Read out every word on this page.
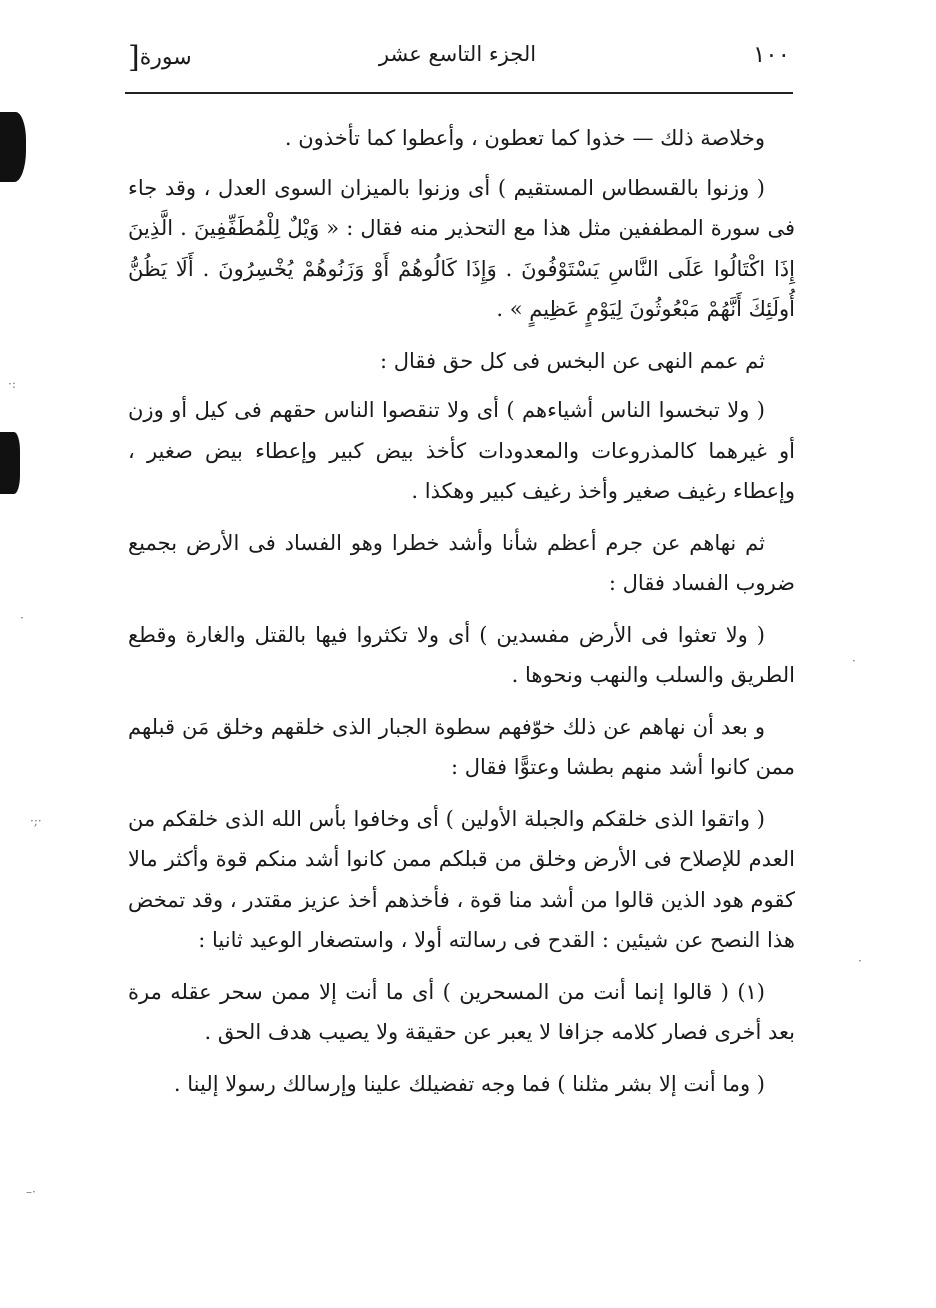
·:
·
·;·
–·
·
·
١٠٠
الجزء التاسع عشر
سورة[

وخلاصة ذلك — خذوا كما تعطون ، وأعطوا كما تأخذون .

( وزنوا بالقسطاس المستقيم ) أى وزنوا بالميزان السوى العدل ، وقد جاء فى سورة المطففين مثل هذا مع التحذير منه فقال : « وَيْلٌ لِلْمُطَفِّفِينَ . الَّذِينَ إِذَا اكْتَالُوا عَلَى النَّاسِ يَسْتَوْفُونَ . وَإِذَا كَالُوهُمْ أَوْ وَزَنُوهُمْ يُخْسِرُونَ . أَلَا يَظُنُّ أُولَئِكَ أَنَّهُمْ مَبْعُوثُونَ لِيَوْمٍ عَظِيمٍ » .

ثم عمم النهى عن البخس فى كل حق فقال :

( ولا تبخسوا الناس أشياءهم ) أى ولا تنقصوا الناس حقهم فى كيل أو وزن أو غيرهما كالمذروعات والمعدودات كأخذ بيض كبير وإعطاء بيض صغير ، وإعطاء رغيف صغير وأخذ رغيف كبير وهكذا .

ثم نهاهم عن جرم أعظم شأنا وأشد خطرا وهو الفساد فى الأرض بجميع ضروب الفساد فقال :

( ولا تعثوا فى الأرض مفسدين ) أى ولا تكثروا فيها بالقتل والغارة وقطع الطريق والسلب والنهب ونحوها .

و بعد أن نهاهم عن ذلك خوّفهم سطوة الجبار الذى خلقهم وخلق مَن قبلهم ممن كانوا أشد منهم بطشا وعتوًّا فقال :

( واتقوا الذى خلقكم والجبلة الأولين ) أى وخافوا بأس الله الذى خلقكم من العدم للإصلاح فى الأرض وخلق من قبلكم ممن كانوا أشد منكم قوة وأكثر مالا كقوم هود الذين قالوا من أشد منا قوة ، فأخذهم أخذ عزيز مقتدر ، وقد تمخض هذا النصح عن شيئين : القدح فى رسالته أولا ، واستصغار الوعيد ثانيا :

(١) ( قالوا إنما أنت من المسحرين ) أى ما أنت إلا ممن سحر عقله مرة بعد أخرى فصار كلامه جزافا لا يعبر عن حقيقة ولا يصيب هدف الحق .

( وما أنت إلا بشر مثلنا ) فما وجه تفضيلك علينا وإرسالك رسولا إلينا .
